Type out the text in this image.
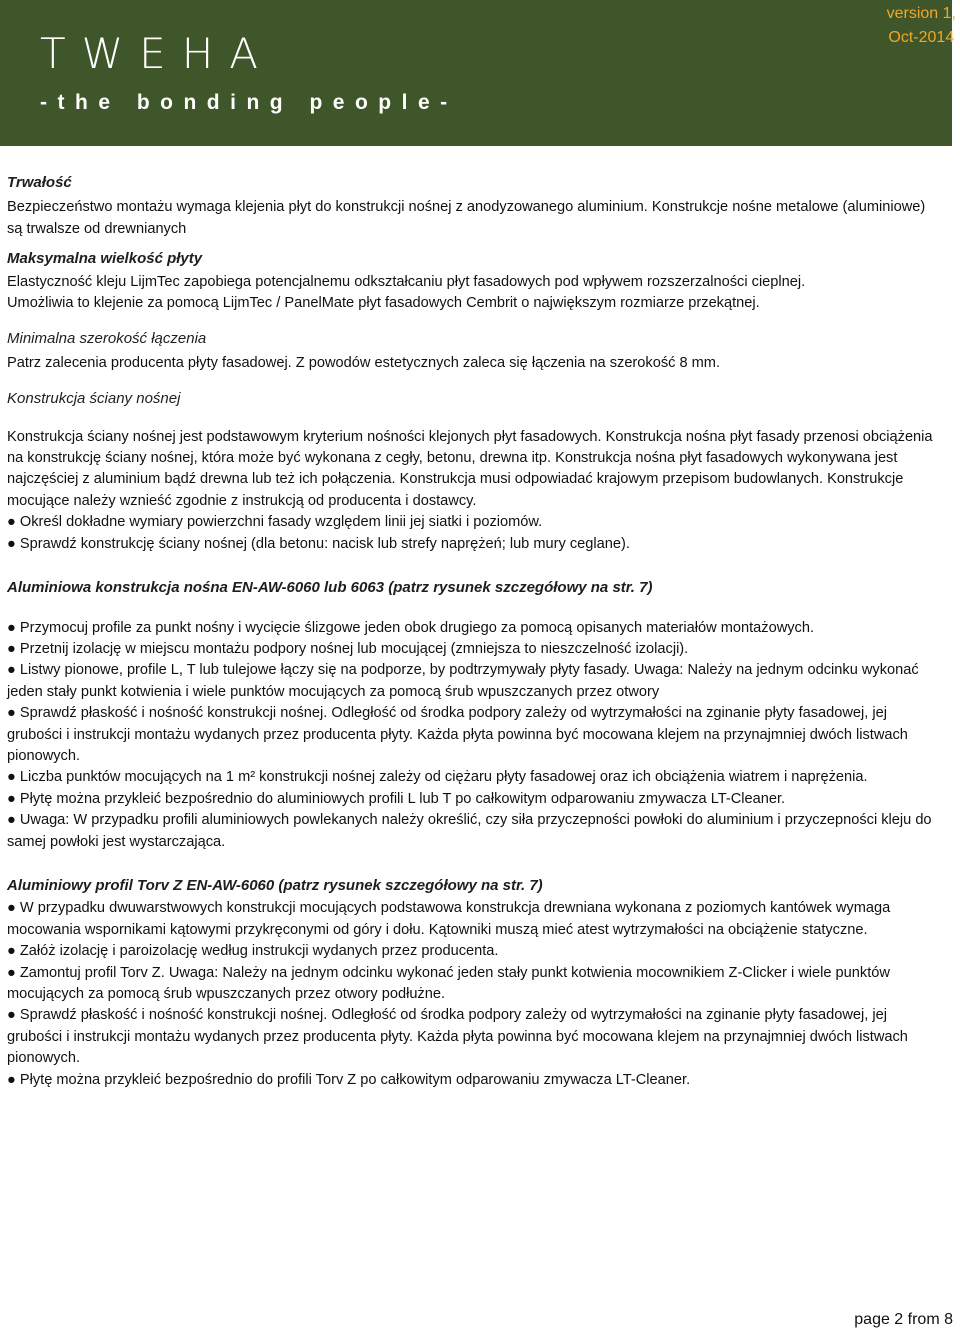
TWEHA
-the bonding people-
version 1,
Oct-2014
Trwałość

Bezpieczeństwo montażu wymaga klejenia płyt do konstrukcji nośnej z anodyzowanego aluminium. Konstrukcje nośne metalowe (aluminiowe) są trwalsze od drewnianych

Maksymalna wielkość płyty

Elastyczność kleju LijmTec zapobiega potencjalnemu odkształcaniu płyt fasadowych pod wpływem rozszerzalności cieplnej.

Umożliwia to klejenie za pomocą LijmTec / PanelMate płyt fasadowych Cembrit o największym rozmiarze przekątnej.

Minimalna szerokość łączenia

Patrz zalecenia producenta płyty fasadowej. Z powodów estetycznych zaleca się łączenia na szerokość 8 mm.

Konstrukcja ściany nośnej

Konstrukcja ściany nośnej jest podstawowym kryterium nośności klejonych płyt fasadowych. Konstrukcja nośna płyt fasady przenosi obciążenia na konstrukcję ściany nośnej, która może być wykonana z cegły, betonu, drewna itp. Konstrukcja nośna płyt fasadowych wykonywana jest najczęściej z aluminium bądź drewna lub też ich połączenia. Konstrukcja musi odpowiadać krajowym przepisom budowlanych. Konstrukcje mocujące należy wznieść zgodnie z instrukcją od producenta i dostawcy.

● Określ dokładne wymiary powierzchni fasady względem linii jej siatki i poziomów.

● Sprawdź konstrukcję ściany nośnej (dla betonu: nacisk lub strefy naprężeń; lub mury ceglane).

Aluminiowa konstrukcja nośna EN-AW-6060 lub 6063 (patrz rysunek szczegółowy na str. 7)

● Przymocuj profile za punkt nośny i wycięcie ślizgowe jeden obok drugiego za pomocą opisanych materiałów montażowych.

● Przetnij izolację w miejscu montażu podpory nośnej lub mocującej (zmniejsza to nieszczelność izolacji).

● Listwy pionowe, profile L, T lub tulejowe łączy się na podporze, by podtrzymywały płyty fasady. Uwaga: Należy na jednym odcinku wykonać jeden stały punkt kotwienia i wiele punktów mocujących za pomocą śrub wpuszczanych przez otwory

● Sprawdź płaskość i nośność konstrukcji nośnej. Odległość od środka podpory zależy od wytrzymałości na zginanie płyty fasadowej, jej grubości i instrukcji montażu wydanych przez producenta płyty. Każda płyta powinna być mocowana klejem na przynajmniej dwóch listwach pionowych.

● Liczba punktów mocujących na 1 m² konstrukcji nośnej zależy od ciężaru płyty fasadowej oraz ich obciążenia wiatrem i naprężenia.

● Płytę można przykleić bezpośrednio do aluminiowych profili L lub T po całkowitym odparowaniu zmywacza LT-Cleaner.

● Uwaga: W przypadku profili aluminiowych powlekanych należy określić, czy siła przyczepności powłoki do aluminium i przyczepności kleju do samej powłoki jest wystarczająca.

Aluminiowy profil Torv Z EN-AW-6060 (patrz rysunek szczegółowy na str. 7)

● W przypadku dwuwarstwowych konstrukcji mocujących podstawowa konstrukcja drewniana wykonana z poziomych kantówek wymaga mocowania wspornikami kątowymi przykręconymi od góry i dołu. Kątowniki muszą mieć atest wytrzymałości na obciążenie statyczne.

● Załóż izolację i paroizolację według instrukcji wydanych przez producenta.

● Zamontuj profil Torv Z. Uwaga: Należy na jednym odcinku wykonać jeden stały punkt kotwienia mocownikiem Z-Clicker i wiele punktów mocujących za pomocą śrub wpuszczanych przez otwory podłużne.

● Sprawdź płaskość i nośność konstrukcji nośnej. Odległość od środka podpory zależy od wytrzymałości na zginanie płyty fasadowej, jej grubości i instrukcji montażu wydanych przez producenta płyty. Każda płyta powinna być mocowana klejem na przynajmniej dwóch listwach pionowych.

● Płytę można przykleić bezpośrednio do profili Torv Z po całkowitym odparowaniu zmywacza LT-Cleaner.

page 2 from 8
